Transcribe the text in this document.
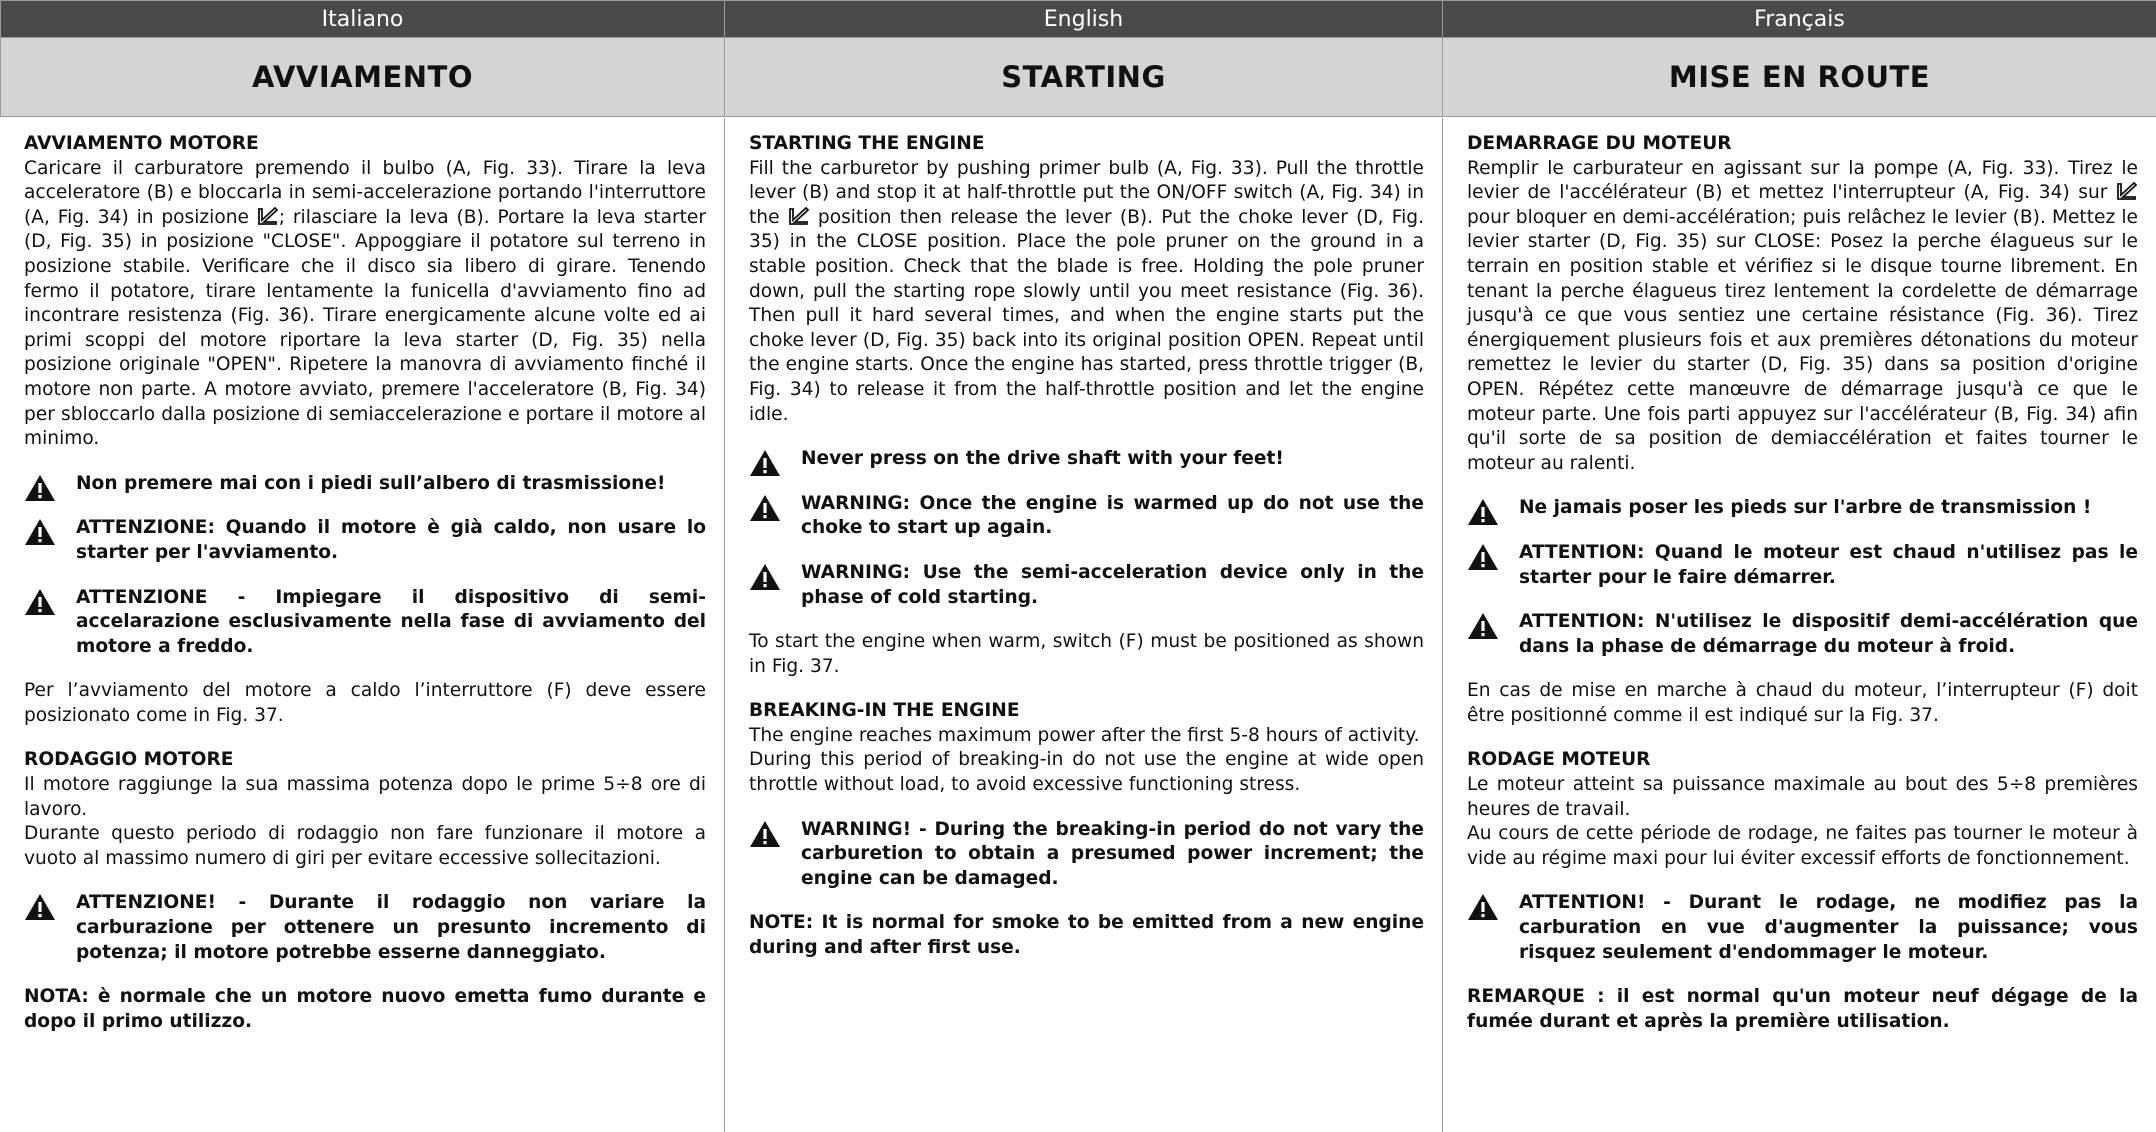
Italiano	English	Français
AVVIAMENTO	STARTING	MISE EN ROUTE
AVVIAMENTO MOTORE

Caricare il carburatore premendo il bulbo (A, Fig. 33). Tirare la leva acceleratore (B) e bloccarla in semi-accelerazione portando l'interruttore (A, Fig. 34) in posizione ; rilasciare la leva (B). Portare la leva starter (D, Fig. 35) in posizione "CLOSE". Appoggiare il potatore sul terreno in posizione stabile. Verificare che il disco sia libero di girare. Tenendo fermo il potatore, tirare lentamente la funicella d'avviamento fino ad incontrare resistenza (Fig. 36). Tirare energicamente alcune volte ed ai primi scoppi del motore riportare la leva starter (D, Fig. 35) nella posizione originale "OPEN". Ripetere la manovra di avviamento finché il motore non parte. A motore avviato, premere l'acceleratore (B, Fig. 34) per sbloccarlo dalla posizione di semiaccelerazione e portare il motore al minimo.

Non premere mai con i piedi sull’albero di trasmissione!
ATTENZIONE: Quando il motore è già caldo, non usare lo starter per l'avviamento.
ATTENZIONE - Impiegare il dispositivo di semi-accelarazione esclusivamente nella fase di avviamento del motore a freddo.

Per l’avviamento del motore a caldo l’interruttore (F) deve essere posizionato come in Fig. 37.

RODAGGIO MOTORE

Il motore raggiunge la sua massima potenza dopo le prime 5÷8 ore di lavoro.

Durante questo periodo di rodaggio non fare funzionare il motore a vuoto al massimo numero di giri per evitare eccessive sollecitazioni.

ATTENZIONE! - Durante il rodaggio non variare la carburazione per ottenere un presunto incremento di potenza; il motore potrebbe esserne danneggiato.

NOTA: è normale che un motore nuovo emetta fumo durante e dopo il primo utilizzo.

STARTING THE ENGINE

Fill the carburetor by pushing primer bulb (A, Fig. 33). Pull the throttle lever (B) and stop it at half-throttle put the ON/OFF switch (A, Fig. 34) in the  position then release the lever (B). Put the choke lever (D, Fig. 35) in the CLOSE position. Place the pole pruner on the ground in a stable position. Check that the blade is free. Holding the pole pruner down, pull the starting rope slowly until you meet resistance (Fig. 36). Then pull it hard several times, and when the engine starts put the choke lever (D, Fig. 35) back into its original position OPEN. Repeat until the engine starts. Once the engine has started, press throttle trigger (B, Fig. 34) to release it from the half-throttle position and let the engine idle.

Never press on the drive shaft with your feet!
WARNING: Once the engine is warmed up do not use the choke to start up again.
WARNING: Use the semi-acceleration device only in the phase of cold starting.

To start the engine when warm, switch (F) must be positioned as shown in Fig. 37.

BREAKING-IN THE ENGINE

The engine reaches maximum power after the first 5-8 hours of activity.

During this period of breaking-in do not use the engine at wide open throttle without load, to avoid excessive functioning stress.

WARNING! - During the breaking-in period do not vary the carburetion to obtain a presumed power increment; the engine can be damaged.

NOTE: It is normal for smoke to be emitted from a new engine during and after first use.

DEMARRAGE DU MOTEUR

Remplir le carburateur en agissant sur la pompe (A, Fig. 33). Tirez le levier de l'accélérateur (B) et mettez l'interrupteur (A, Fig. 34) sur  pour bloquer en demi-accélération; puis relâchez le levier (B). Mettez le levier starter (D, Fig. 35) sur CLOSE: Posez la perche élagueus sur le terrain en position stable et vérifiez si le disque tourne librement. En tenant la perche élagueus tirez lentement la cordelette de démarrage jusqu'à ce que vous sentiez une certaine résistance (Fig. 36). Tirez énergiquement plusieurs fois et aux premières détonations du moteur remettez le levier du starter (D, Fig. 35) dans sa position d'origine OPEN. Répétez cette manœuvre de démarrage jusqu'à ce que le moteur parte. Une fois parti appuyez sur l'accélérateur (B, Fig. 34) afin qu'il sorte de sa position de demiaccélération et faites tourner le moteur au ralenti.

Ne jamais poser les pieds sur l'arbre de transmission !
ATTENTION: Quand le moteur est chaud n'utilisez pas le starter pour le faire démarrer.
ATTENTION: N'utilisez le dispositif demi-accélération que dans la phase de démarrage du moteur à froid.

En cas de mise en marche à chaud du moteur, l’interrupteur (F) doit être positionné comme il est indiqué sur la Fig. 37.

RODAGE MOTEUR

Le moteur atteint sa puissance maximale au bout des 5÷8 premières heures de travail.

Au cours de cette période de rodage, ne faites pas tourner le moteur à vide au régime maxi pour lui éviter excessif efforts de fonctionnement.

ATTENTION! - Durant le rodage, ne modifiez pas la carburation en vue d'augmenter la puissance; vous risquez seulement d'endommager le moteur.

REMARQUE : il est normal qu'un moteur neuf dégage de la fumée durant et après la première utilisation.
